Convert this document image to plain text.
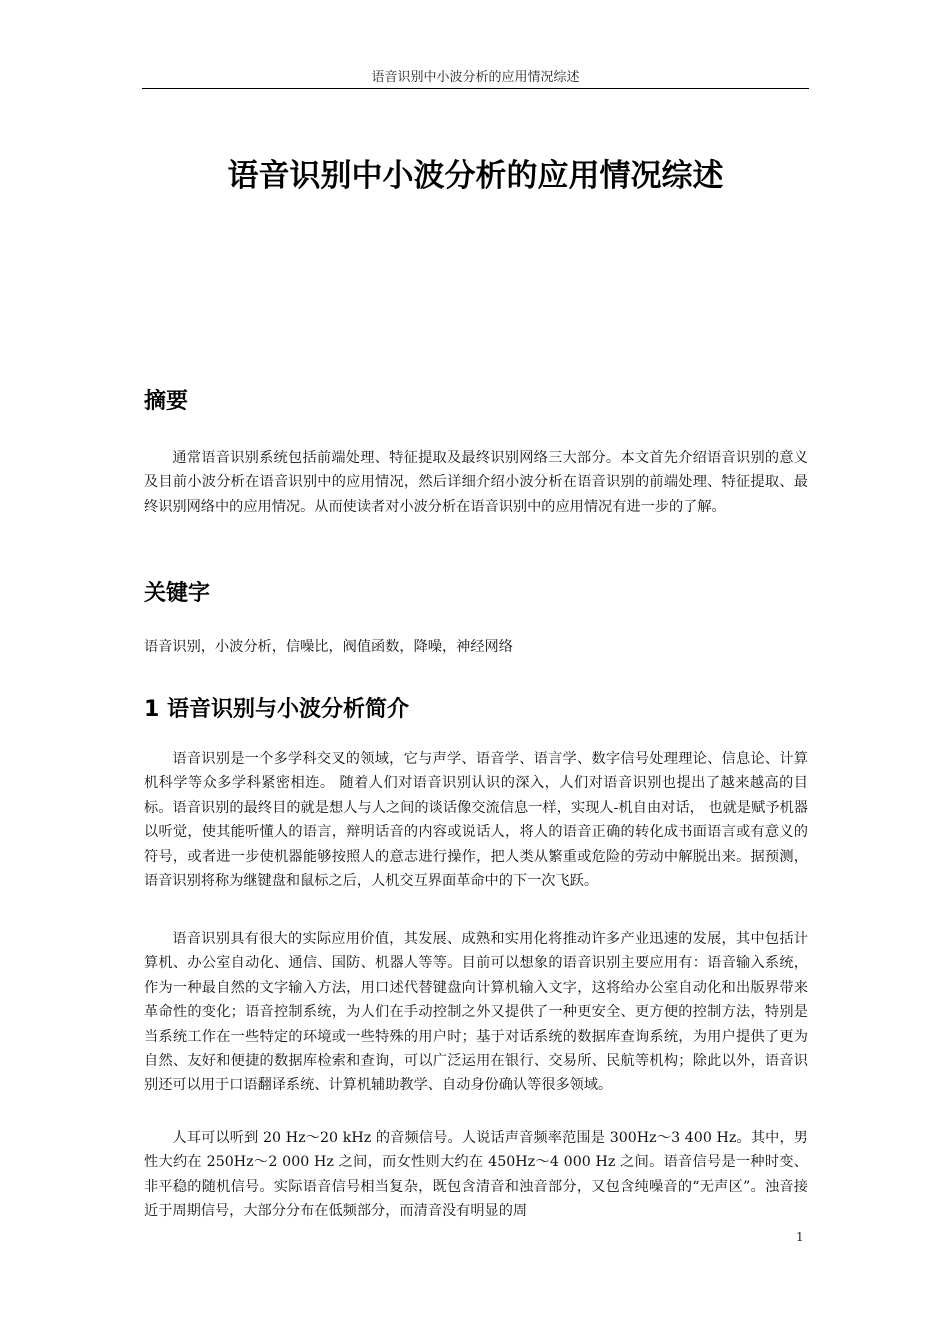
语音识别中小波分析的应用情况综述
语音识别中小波分析的应用情况综述
摘要

通常语音识别系统包括前端处理、特征提取及最终识别网络三大部分。本文首先介绍语音识别的意义及目前小波分析在语音识别中的应用情况，然后详细介绍小波分析在语音识别的前端处理、特征提取、最终识别网络中的应用情况。从而使读者对小波分析在语音识别中的应用情况有进一步的了解。

关键字

语音识别，小波分析，信噪比，阀值函数，降噪，神经网络

1 语音识别与小波分析简介

语音识别是一个多学科交叉的领域，它与声学、语音学、语言学、数字信号处理理论、信息论、计算机科学等众多学科紧密相连。 随着人们对语音识别认识的深入，人们对语音识别也提出了越来越高的目标。语音识别的最终目的就是想人与人之间的谈话像交流信息一样，实现人-机自由对话， 也就是赋予机器以听觉，使其能听懂人的语言，辩明话音的内容或说话人，将人的语音正确的转化成书面语言或有意义的符号，或者进一步使机器能够按照人的意志进行操作，把人类从繁重或危险的劳动中解脱出来。据预测，语音识别将称为继键盘和鼠标之后，人机交互界面革命中的下一次飞跃。

语音识别具有很大的实际应用价值，其发展、成熟和实用化将推动许多产业迅速的发展，其中包括计算机、办公室自动化、通信、国防、机器人等等。目前可以想象的语音识别主要应用有：语音输入系统，作为一种最自然的文字输入方法，用口述代替键盘向计算机输入文字，这将给办公室自动化和出版界带来革命性的变化；语音控制系统，为人们在手动控制之外又提供了一种更安全、更方便的控制方法，特别是当系统工作在一些特定的环境或一些特殊的用户时；基于对话系统的数据库查询系统，为用户提供了更为自然、友好和便捷的数据库检索和查询，可以广泛运用在银行、交易所、民航等机构；除此以外，语音识别还可以用于口语翻译系统、计算机辅助教学、自动身份确认等很多领域。

人耳可以听到 20 Hz～20 kHz 的音频信号。人说话声音频率范围是 300Hz～3 400 Hz。其中，男性大约在 250Hz～2 000 Hz 之间，而女性则大约在 450Hz～4 000 Hz 之间。语音信号是一种时变、非平稳的随机信号。实际语音信号相当复杂，既包含清音和浊音部分，又包含纯噪音的“无声区”。浊音接近于周期信号，大部分分布在低频部分，而清音没有明显的周

1
